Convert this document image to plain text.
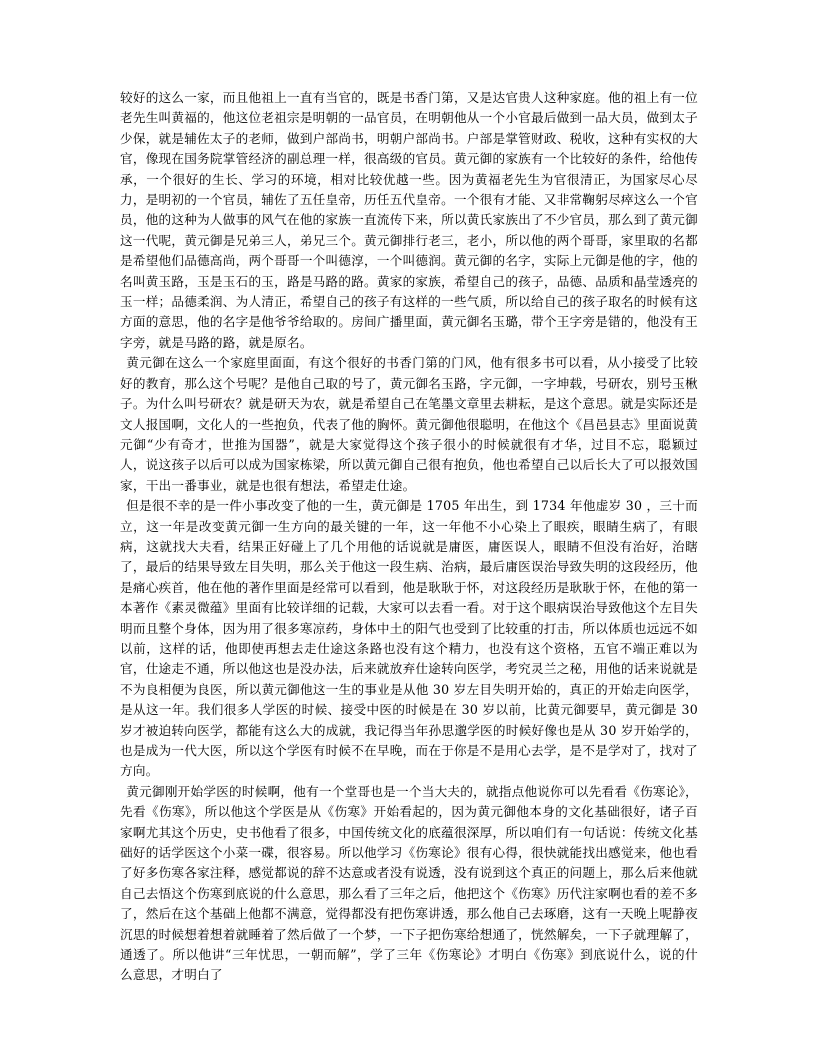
较好的这么一家，而且他祖上一直有当官的，既是书香门第，又是达官贵人这种家庭。他的祖上有一位老先生叫黄福的，他这位老祖宗是明朝的一品官员，在明朝他从一个小官最后做到一品大员，做到太子少保，就是辅佐太子的老师，做到户部尚书，明朝户部尚书。户部是掌管财政、税收，这种有实权的大官，像现在国务院掌管经济的副总理一样，很高级的官员。黄元御的家族有一个比较好的条件，给他传承，一个很好的生长、学习的环境，相对比较优越一些。因为黄福老先生为官很清正，为国家尽心尽力，是明初的一个官员，辅佐了五任皇帝，历任五代皇帝。一个很有才能、又非常鞠躬尽瘁这么一个官员，他的这种为人做事的风气在他的家族一直流传下来，所以黄氏家族出了不少官员，那么到了黄元御这一代呢，黄元御是兄弟三人，弟兄三个。黄元御排行老三，老小，所以他的两个哥哥，家里取的名都是希望他们品德高尚，两个哥哥一个叫德淳，一个叫德润。黄元御的名字，实际上元御是他的字，他的名叫黄玉路，玉是玉石的玉，路是马路的路。黄家的家族，希望自己的孩子，品德、品质和晶莹透亮的玉一样；品德柔润、为人清正，希望自己的孩子有这样的一些气质，所以给自己的孩子取名的时候有这方面的意思，他的名字是他爷爷给取的。房间广播里面，黄元御名玉璐，带个王字旁是错的，他没有王字旁，就是马路的路，就是原名。

黄元御在这么一个家庭里面面，有这个很好的书香门第的门风，他有很多书可以看，从小接受了比较好的教育，那么这个号呢？是他自己取的号了，黄元御名玉路，字元御，一字坤载，号研农，别号玉楸子。为什么叫号研农？就是研天为农，就是希望自己在笔墨文章里去耕耘，是这个意思。就是实际还是文人报国啊，文化人的一些抱负，代表了他的胸怀。黄元御他很聪明，在他这个《昌邑县志》里面说黄元御“少有奇才，世推为国器”，就是大家觉得这个孩子很小的时候就很有才华，过目不忘，聪颖过人，说这孩子以后可以成为国家栋梁，所以黄元御自己很有抱负，他也希望自己以后长大了可以报效国家，干出一番事业，就是也很有想法，希望走仕途。

但是很不幸的是一件小事改变了他的一生，黄元御是 1705 年出生，到 1734 年他虚岁 30 ，三十而立，这一年是改变黄元御一生方向的最关键的一年，这一年他不小心染上了眼疾，眼睛生病了，有眼病，这就找大夫看，结果正好碰上了几个用他的话说就是庸医，庸医误人，眼睛不但没有治好，治瞎了，最后的结果导致左目失明，那么关于他这一段生病、治病，最后庸医误治导致失明的这段经历，他是痛心疾首，他在他的著作里面是经常可以看到，他是耿耿于怀，对这段经历是耿耿于怀，在他的第一本著作《素灵微蕴》里面有比较详细的记载，大家可以去看一看。对于这个眼病误治导致他这个左目失明而且整个身体，因为用了很多寒凉药，身体中土的阳气也受到了比较重的打击，所以体质也远远不如以前，这样的话，他即使再想去走仕途这条路也没有这个精力，也没有这个资格，五官不端正难以为官，仕途走不通，所以他这也是没办法，后来就放弃仕途转向医学，考究灵兰之秘，用他的话来说就是不为良相便为良医，所以黄元御他这一生的事业是从他 30 岁左目失明开始的，真正的开始走向医学，是从这一年。我们很多人学医的时候、接受中医的时候是在 30 岁以前，比黄元御要早，黄元御是 30 岁才被迫转向医学，都能有这么大的成就，我记得当年孙思邈学医的时候好像也是从 30 岁开始学的，也是成为一代大医，所以这个学医有时候不在早晚，而在于你是不是用心去学，是不是学对了，找对了方向。

黄元御刚开始学医的时候啊，他有一个堂哥也是一个当大夫的，就指点他说你可以先看看《伤寒论》，先看《伤寒》，所以他这个学医是从《伤寒》开始看起的，因为黄元御他本身的文化基础很好，诸子百家啊尤其这个历史，史书他看了很多，中国传统文化的底蕴很深厚，所以咱们有一句话说：传统文化基础好的话学医这个小菜一碟，很容易。所以他学习《伤寒论》很有心得，很快就能找出感觉来，他也看了好多伤寒各家注释，感觉都说的辞不达意或者没有说透，没有说到这个真正的问题上，那么后来他就自己去悟这个伤寒到底说的什么意思，那么看了三年之后，他把这个《伤寒》历代注家啊也看的差不多了，然后在这个基础上他都不满意，觉得都没有把伤寒讲透，那么他自己去琢磨，这有一天晚上呢静夜沉思的时候想着想着就睡着了然后做了一个梦，一下子把伤寒给想通了，恍然解矣，一下子就理解了，通透了。所以他讲“三年忧思，一朝而解”，学了三年《伤寒论》才明白《伤寒》到底说什么，说的什么意思，才明白了
